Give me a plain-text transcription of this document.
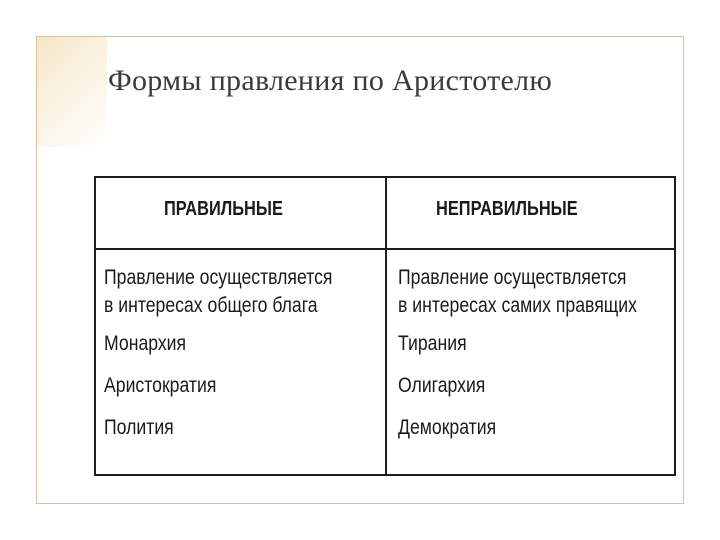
Формы правления по Аристотелю
ПРАВИЛЬНЫЕ	НЕПРАВИЛЬНЫЕ
Правление осуществляется
в интересах общего блага
Монархия
Аристократия
Полития
Правление осуществляется
в интересах самих правящих
Тирания
Олигархия
Демократия
